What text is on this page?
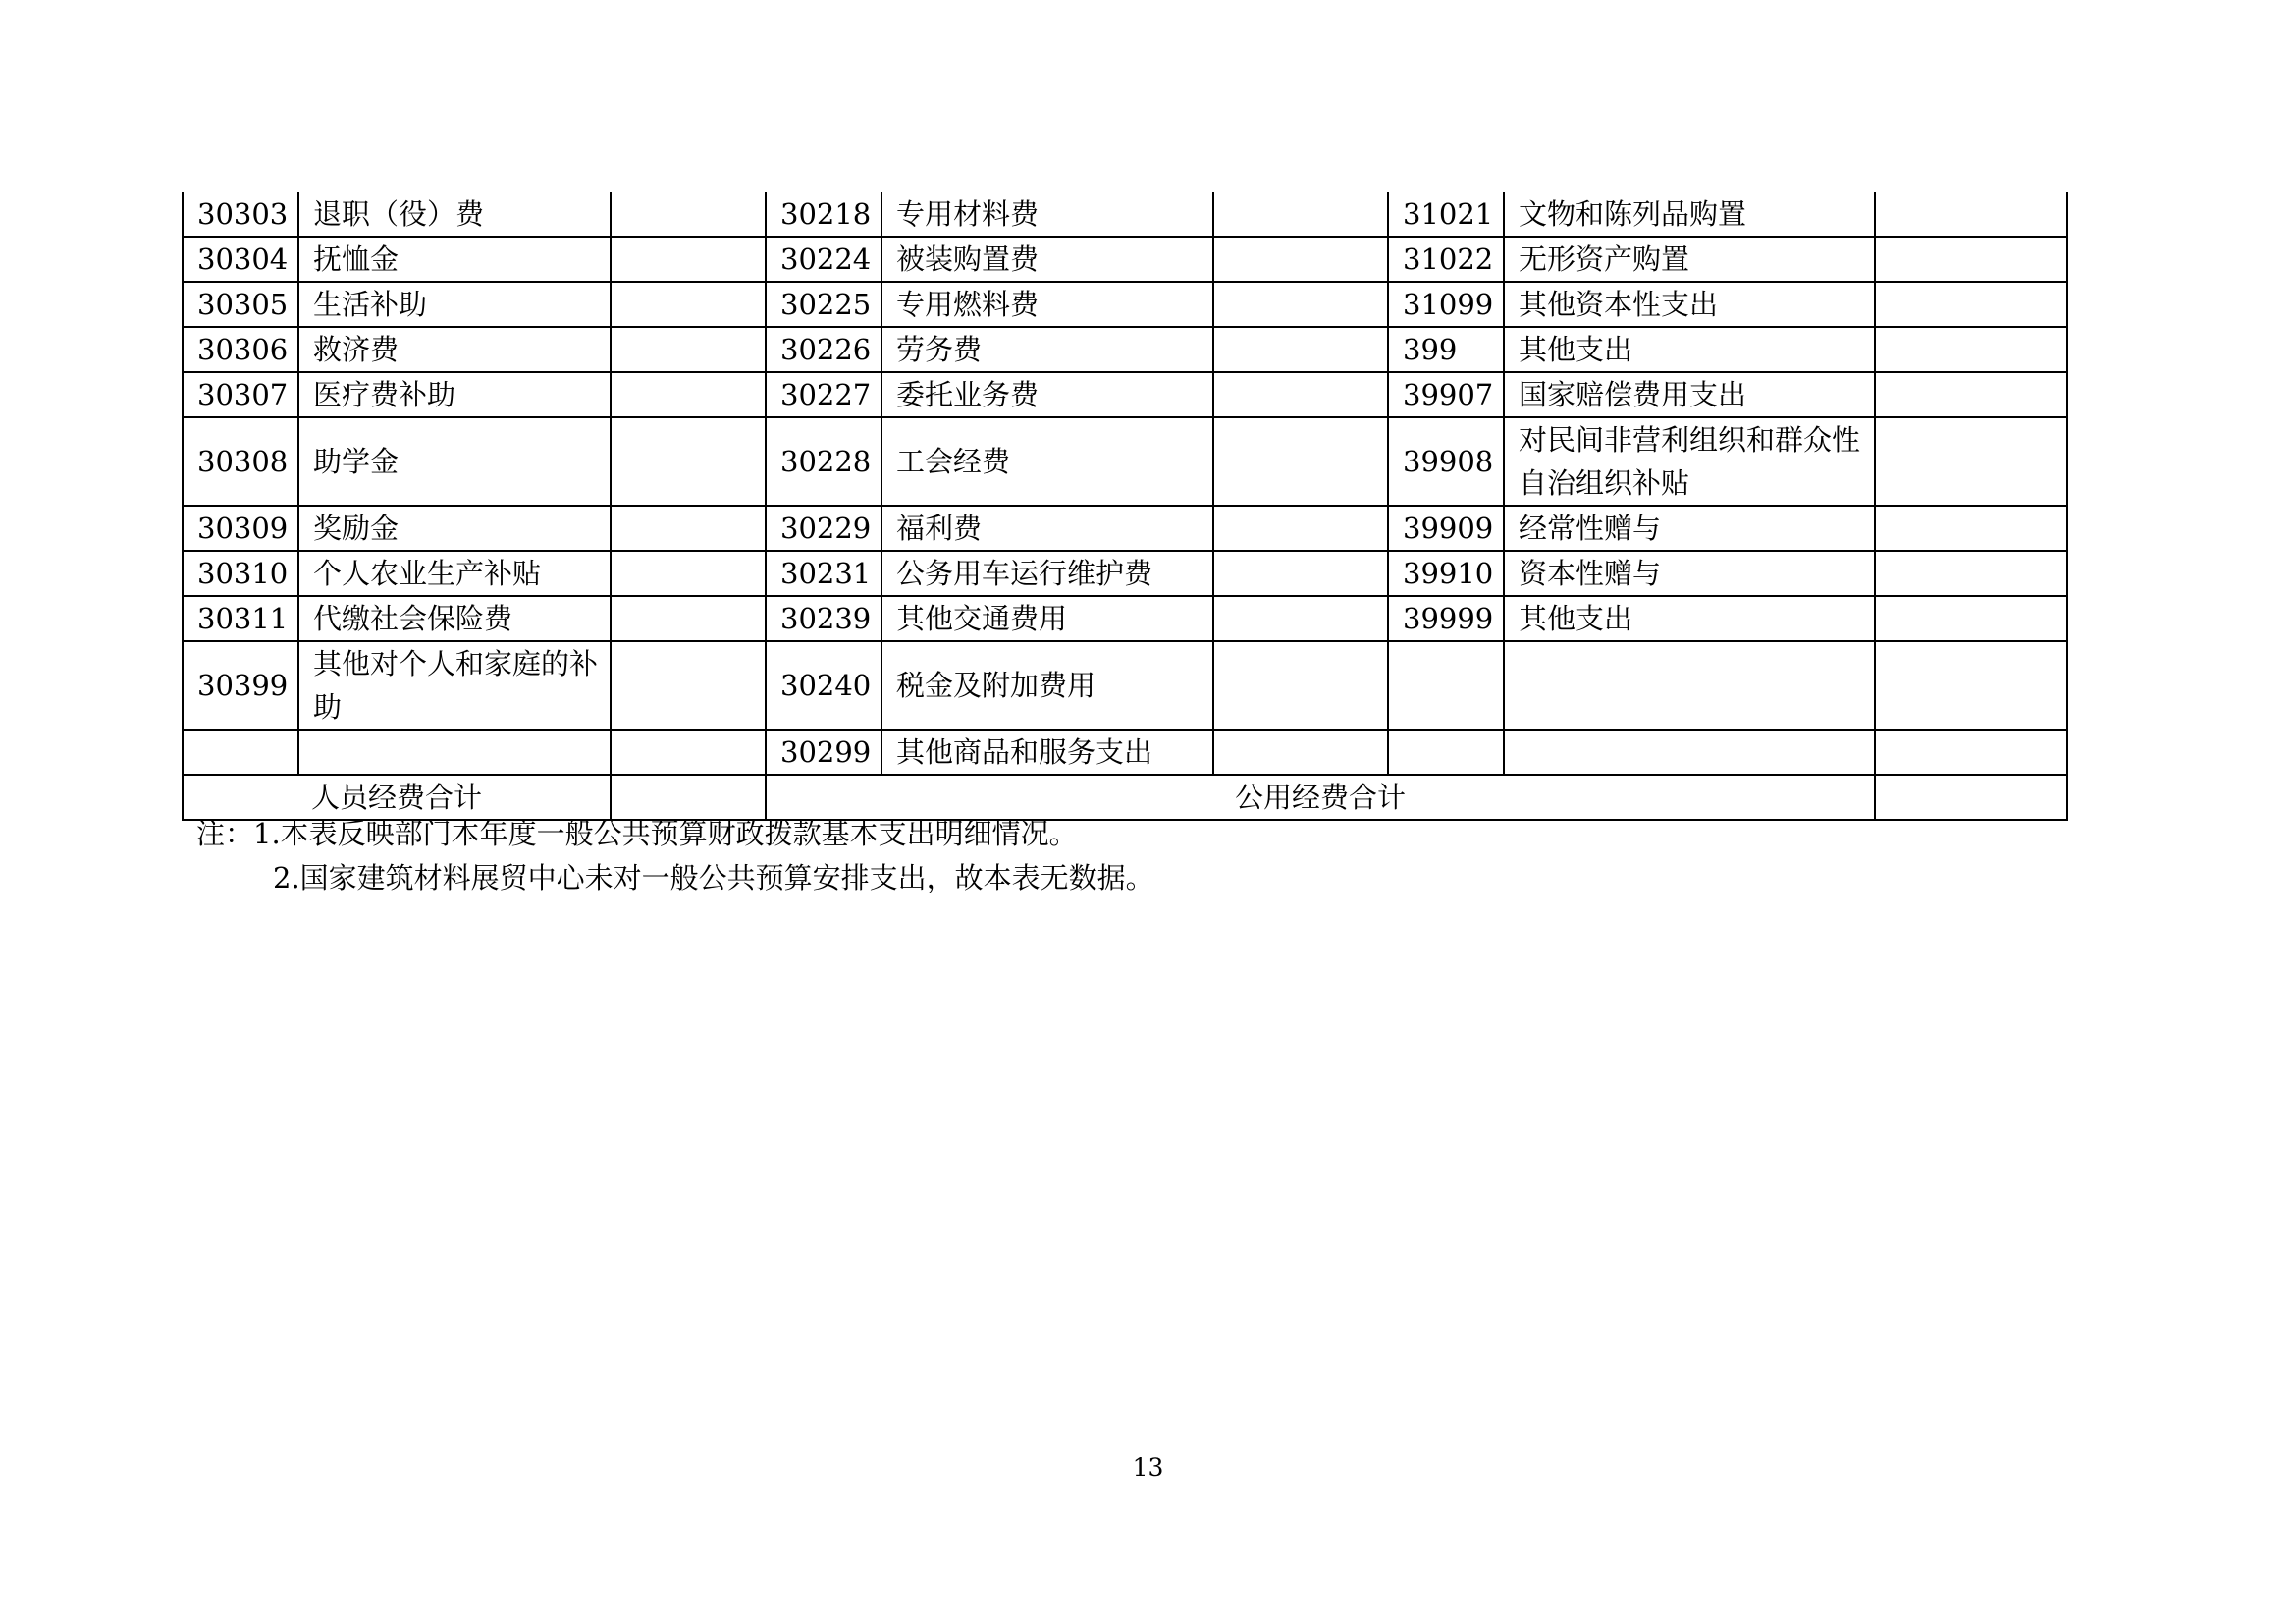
30303	退职（役）费		30218	专用材料费		31021	文物和陈列品购置	
30304	抚恤金		30224	被装购置费		31022	无形资产购置	
30305	生活补助		30225	专用燃料费		31099	其他资本性支出	
30306	救济费		30226	劳务费		399	其他支出	
30307	医疗费补助		30227	委托业务费		39907	国家赔偿费用支出	
30308	助学金		30228	工会经费		39908	对民间非营利组织和群众性自治组织补贴	
30309	奖励金		30229	福利费		39909	经常性赠与	
30310	个人农业生产补贴		30231	公务用车运行维护费		39910	资本性赠与	
30311	代缴社会保险费		30239	其他交通费用		39999	其他支出	
30399	其他对个人和家庭的补助		30240	税金及附加费用				
			30299	其他商品和服务支出				
人员经费合计			公用经费合计					
注：1.本表反映部门本年度一般公共预算财政拨款基本支出明细情况。
2.国家建筑材料展贸中心未对一般公共预算安排支出，故本表无数据。
13
